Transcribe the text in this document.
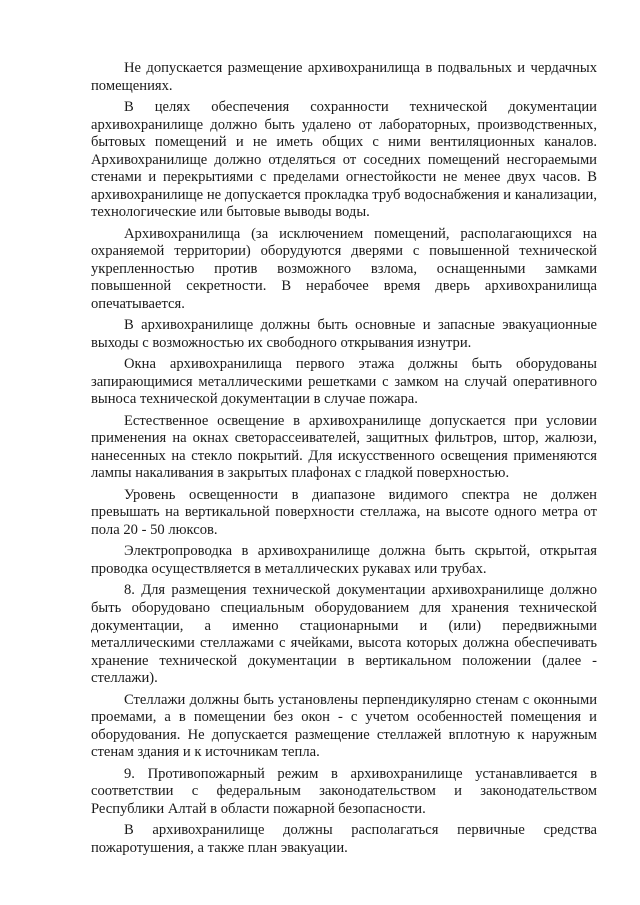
Не допускается размещение архивохранилища в подвальных и чердачных помещениях.

В целях обеспечения сохранности технической документации архивохранилище должно быть удалено от лабораторных, производственных, бытовых помещений и не иметь общих с ними вентиляционных каналов. Архивохранилище должно отделяться от соседних помещений несгораемыми стенами и перекрытиями с пределами огнестойкости не менее двух часов. В архивохранилище не допускается прокладка труб водоснабжения и канализации, технологические или бытовые выводы воды.

Архивохранилища (за исключением помещений, располагающихся на охраняемой территории) оборудуются дверями с повышенной технической укрепленностью против возможного взлома, оснащенными замками повышенной секретности. В нерабочее время дверь архивохранилища опечатывается.

В архивохранилище должны быть основные и запасные эвакуационные выходы с возможностью их свободного открывания изнутри.

Окна архивохранилища первого этажа должны быть оборудованы запирающимися металлическими решетками с замком на случай оперативного выноса технической документации в случае пожара.

Естественное освещение в архивохранилище допускается при условии применения на окнах светорассеивателей, защитных фильтров, штор, жалюзи, нанесенных на стекло покрытий. Для искусственного освещения применяются лампы накаливания в закрытых плафонах с гладкой поверхностью.

Уровень освещенности в диапазоне видимого спектра не должен превышать на вертикальной поверхности стеллажа, на высоте одного метра от пола 20 - 50 люксов.

Электропроводка в архивохранилище должна быть скрытой, открытая проводка осуществляется в металлических рукавах или трубах.

8. Для размещения технической документации архивохранилище должно быть оборудовано специальным оборудованием для хранения технической документации, а именно стационарными и (или) передвижными металлическими стеллажами с ячейками, высота которых должна обеспечивать хранение технической документации в вертикальном положении (далее - стеллажи).

Стеллажи должны быть установлены перпендикулярно стенам с оконными проемами, а в помещении без окон - с учетом особенностей помещения и оборудования. Не допускается размещение стеллажей вплотную к наружным стенам здания и к источникам тепла.

9. Противопожарный режим в архивохранилище устанавливается в соответствии с федеральным законодательством и законодательством Республики Алтай в области пожарной безопасности.

В архивохранилище должны располагаться первичные средства пожаротушения, а также план эвакуации.
